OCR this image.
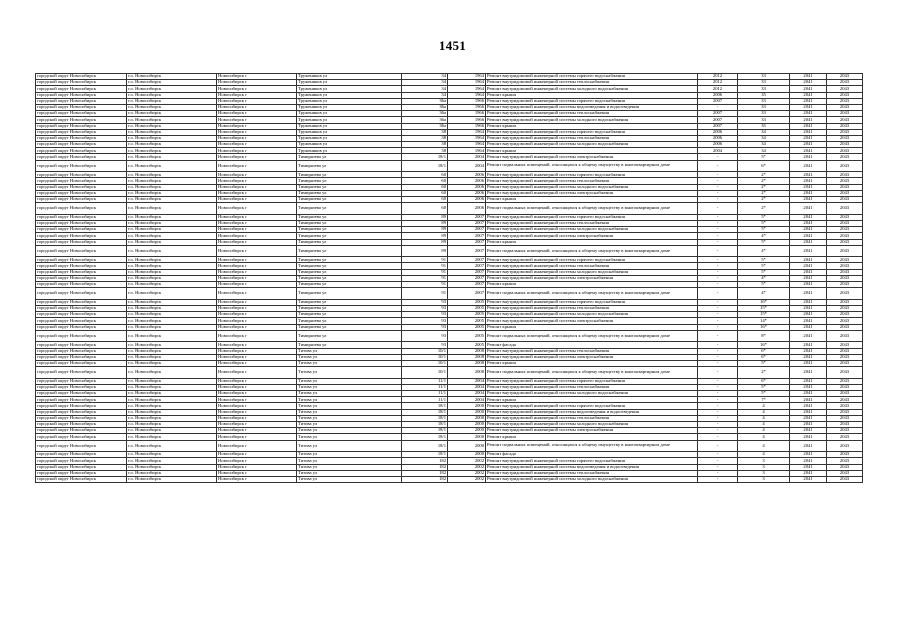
1451
городской округ Новосибирск	г.о. Новосибирск	Новосибирск г	Тружеников ул	34	1964	Ремонт внутридомовой инженерной системы горячего водоснабжения	2012	33	2041	2043
городской округ Новосибирск	г.о. Новосибирск	Новосибирск г	Тружеников ул	34	1964	Ремонт внутридомовой инженерной системы теплоснабжения	2012	33	2041	2043
городской округ Новосибирск	г.о. Новосибирск	Новосибирск г	Тружеников ул	34	1964	Ремонт внутридомовой инженерной системы холодного водоснабжения	2012	33	2041	2043
городской округ Новосибирск	г.о. Новосибирск	Новосибирск г	Тружеников ул	34	1964	Ремонт крыши	2006	35	2041	2043
городской округ Новосибирск	г.о. Новосибирск	Новосибирск г	Тружеников ул	36а	1966	Ремонт внутридомовой инженерной системы горячего водоснабжения	2007	33	2041	2043
городской округ Новосибирск	г.о. Новосибирск	Новосибирск г	Тружеников ул	36а	1966	Ремонт внутридомовой инженерной системы водоотведения и водоотведения	-	33	2041	2043
городской округ Новосибирск	г.о. Новосибирск	Новосибирск г	Тружеников ул	36а	1966	Ремонт внутридомовой инженерной системы теплоснабжения	2007	33	2041	2043
городской округ Новосибирск	г.о. Новосибирск	Новосибирск г	Тружеников ул	36а	1966	Ремонт внутридомовой инженерной системы холодного водоснабжения	2007	33	2041	2043
городской округ Новосибирск	г.о. Новосибирск	Новосибирск г	Тружеников ул	36а	1966	Ремонт крыши	2007	35	2041	2043
городской округ Новосибирск	г.о. Новосибирск	Новосибирск г	Тружеников ул	38	1964	Ремонт внутридомовой инженерной системы горячего водоснабжения	2006	34	2041	2043
городской округ Новосибирск	г.о. Новосибирск	Новосибирск г	Тружеников ул	38	1964	Ремонт внутридомовой инженерной системы теплоснабжения	2006	34	2041	2043
городской округ Новосибирск	г.о. Новосибирск	Новосибирск г	Тружеников ул	38	1964	Ремонт внутридомовой инженерной системы холодного водоснабжения	2006	34	2041	2043
городской округ Новосибирск	г.о. Новосибирск	Новосибирск г	Тружеников ул	38	1964	Ремонт крыши	2004	34	2041	2043
городской округ Новосибирск	г.о. Новосибирск	Новосибирск г	Тимирязева ул	18/1	2004	Ремонт внутридомовой инженерной системы электроснабжения	-	5*	2041	2043
городской округ Новосибирск	г.о. Новосибирск	Новосибирск г	Тимирязева ул	18/1	2004	Ремонт подвальных помещений, относящихся к общему имуществу в многоквартирном доме	-	6*	2041	2043
городской округ Новосибирск	г.о. Новосибирск	Новосибирск г	Тимирязева ул	60	2006	Ремонт внутридомовой инженерной системы горячего водоснабжения	-	2*	2041	2043
городской округ Новосибирск	г.о. Новосибирск	Новосибирск г	Тимирязева ул	60	2006	Ремонт внутридомовой инженерной системы теплоснабжения	-	2*	2041	2043
городской округ Новосибирск	г.о. Новосибирск	Новосибирск г	Тимирязева ул	60	2006	Ремонт внутридомовой инженерной системы холодного водоснабжения	-	2*	2041	2043
городской округ Новосибирск	г.о. Новосибирск	Новосибирск г	Тимирязева ул	60	2006	Ремонт внутридомовой инженерной системы электроснабжения	-	2*	2041	2043
городской округ Новосибирск	г.о. Новосибирск	Новосибирск г	Тимирязева ул	60	2006	Ремонт крыши	-	2*	2041	2043
городской округ Новосибирск	г.о. Новосибирск	Новосибирск г	Тимирязева ул	60	2006	Ремонт подвальных помещений, относящихся к общему имуществу в многоквартирном доме	-	2*	2041	2043
городской округ Новосибирск	г.о. Новосибирск	Новосибирск г	Тимирязева ул	89	2007	Ремонт внутридомовой инженерной системы горячего водоснабжения	-	5*	2041	2043
городской округ Новосибирск	г.о. Новосибирск	Новосибирск г	Тимирязева ул	89	2007	Ремонт внутридомовой инженерной системы теплоснабжения	-	5*	2041	2043
городской округ Новосибирск	г.о. Новосибирск	Новосибирск г	Тимирязева ул	89	2007	Ремонт внутридомовой инженерной системы холодного водоснабжения	-	5*	2041	2043
городской округ Новосибирск	г.о. Новосибирск	Новосибирск г	Тимирязева ул	89	2007	Ремонт внутридомовой инженерной системы электроснабжения	-	4*	2041	2043
городской округ Новосибирск	г.о. Новосибирск	Новосибирск г	Тимирязева ул	89	2007	Ремонт крыши	-	5*	2041	2043
городской округ Новосибирск	г.о. Новосибирск	Новосибирск г	Тимирязева ул	89	2007	Ремонт подвальных помещений, относящихся к общему имуществу в многоквартирном доме	-	4*	2041	2043
городской округ Новосибирск	г.о. Новосибирск	Новосибирск г	Тимирязева ул	91	2007	Ремонт внутридомовой инженерной системы горячего водоснабжения	-	5*	2041	2043
городской округ Новосибирск	г.о. Новосибирск	Новосибирск г	Тимирязева ул	91	2007	Ремонт внутридомовой инженерной системы теплоснабжения	-	5*	2041	2043
городской округ Новосибирск	г.о. Новосибирск	Новосибирск г	Тимирязева ул	91	2007	Ремонт внутридомовой инженерной системы холодного водоснабжения	-	5*	2041	2043
городской округ Новосибирск	г.о. Новосибирск	Новосибирск г	Тимирязева ул	91	2007	Ремонт внутридомовой инженерной системы электроснабжения	-	4*	2041	2043
городской округ Новосибирск	г.о. Новосибирск	Новосибирск г	Тимирязева ул	91	2007	Ремонт крыши	-	5*	2041	2043
городской округ Новосибирск	г.о. Новосибирск	Новосибирск г	Тимирязева ул	91	2007	Ремонт подвальных помещений, относящихся к общему имуществу в многоквартирном доме	-	4*	2041	2043
городской округ Новосибирск	г.о. Новосибирск	Новосибирск г	Тимирязева ул	93	2005	Ремонт внутридомовой инженерной системы горячего водоснабжения	-	16*	2041	2043
городской округ Новосибирск	г.о. Новосибирск	Новосибирск г	Тимирязева ул	93	2005	Ремонт внутридомовой инженерной системы теплоснабжения	-	15*	2041	2043
городской округ Новосибирск	г.о. Новосибирск	Новосибирск г	Тимирязева ул	93	2005	Ремонт внутридомовой инженерной системы холодного водоснабжения	-	15*	2041	2043
городской округ Новосибирск	г.о. Новосибирск	Новосибирск г	Тимирязева ул	93	2005	Ремонт внутридомовой инженерной системы электроснабжения	-	14*	2041	2043
городской округ Новосибирск	г.о. Новосибирск	Новосибирск г	Тимирязева ул	93	2005	Ремонт крыши	-	16*	2041	2043
городской округ Новосибирск	г.о. Новосибирск	Новосибирск г	Тимирязева ул	93	2005	Ремонт подвальных помещений, относящихся к общему имуществу в многоквартирном доме	-	8*	2041	2043
городской округ Новосибирск	г.о. Новосибирск	Новосибирск г	Тимирязева ул	93	2005	Ремонт фасада	-	16*	2041	2043
городской округ Новосибирск	г.о. Новосибирск	Новосибирск г	Титова ул	10/1	2008	Ремонт внутридомовой инженерной системы теплоснабжения	-	6*	2041	2043
городской округ Новосибирск	г.о. Новосибирск	Новосибирск г	Титова ул	10/1	2008	Ремонт внутридомовой инженерной системы электроснабжения	-	6*	2041	2043
городской округ Новосибирск	г.о. Новосибирск	Новосибирск г	Титова ул	10/1	2008	Ремонт крыши	-	5*	2041	2043
городской округ Новосибирск	г.о. Новосибирск	Новосибирск г	Титова ул	10/1	2008	Ремонт подвальных помещений, относящихся к общему имуществу в многоквартирном доме	-	2*	2041	2043
городской округ Новосибирск	г.о. Новосибирск	Новосибирск г	Титова ул	11/1	2004	Ремонт внутридомовой инженерной системы горячего водоснабжения	-	6*	2041	2043
городской округ Новосибирск	г.о. Новосибирск	Новосибирск г	Титова ул	11/1	2004	Ремонт внутридомовой инженерной системы теплоснабжения	-	5*	2041	2043
городской округ Новосибирск	г.о. Новосибирск	Новосибирск г	Титова ул	11/1	2004	Ремонт внутридомовой инженерной системы холодного водоснабжения	-	5*	2041	2043
городской округ Новосибирск	г.о. Новосибирск	Новосибирск г	Титова ул	11/1	2004	Ремонт крыши	-	7*	2041	2043
городской округ Новосибирск	г.о. Новосибирск	Новосибирск г	Титова ул	18/1	2000	Ремонт внутридомовой инженерной системы горячего водоснабжения	-	4	2041	2043
городской округ Новосибирск	г.о. Новосибирск	Новосибирск г	Титова ул	18/1	2000	Ремонт внутридомовой инженерной системы водоотведения и водоотведения	-	4	2041	2043
городской округ Новосибирск	г.о. Новосибирск	Новосибирск г	Титова ул	18/1	2000	Ремонт внутридомовой инженерной системы теплоснабжения	-	4	2041	2043
городской округ Новосибирск	г.о. Новосибирск	Новосибирск г	Титова ул	18/1	2000	Ремонт внутридомовой инженерной системы холодного водоснабжения	-	4	2041	2043
городской округ Новосибирск	г.о. Новосибирск	Новосибирск г	Титова ул	18/1	2000	Ремонт внутридомовой инженерной системы электроснабжения	-	4	2041	2043
городской округ Новосибирск	г.о. Новосибирск	Новосибирск г	Титова ул	18/1	2000	Ремонт крыши	-	4	2041	2043
городской округ Новосибирск	г.о. Новосибирск	Новосибирск г	Титова ул	18/1	2000	Ремонт подвальных помещений, относящихся к общему имуществу в многоквартирном доме	-	4	2041	2043
городской округ Новосибирск	г.о. Новосибирск	Новосибирск г	Титова ул	18/1	2000	Ремонт фасада	-	4	2041	2043
городской округ Новосибирск	г.о. Новосибирск	Новосибирск г	Титова ул	182	2002	Ремонт внутридомовой инженерной системы горячего водоснабжения	-	3	2041	2043
городской округ Новосибирск	г.о. Новосибирск	Новосибирск г	Титова ул	182	2002	Ремонт внутридомовой инженерной системы водоотведения и водоотведения	-	3	2041	2043
городской округ Новосибирск	г.о. Новосибирск	Новосибирск г	Титова ул	182	2002	Ремонт внутридомовой инженерной системы теплоснабжения	-	3	2041	2043
городской округ Новосибирск	г.о. Новосибирск	Новосибирск г	Титова ул	182	2002	Ремонт внутридомовой инженерной системы холодного водоснабжения	-	3	2041	2043
